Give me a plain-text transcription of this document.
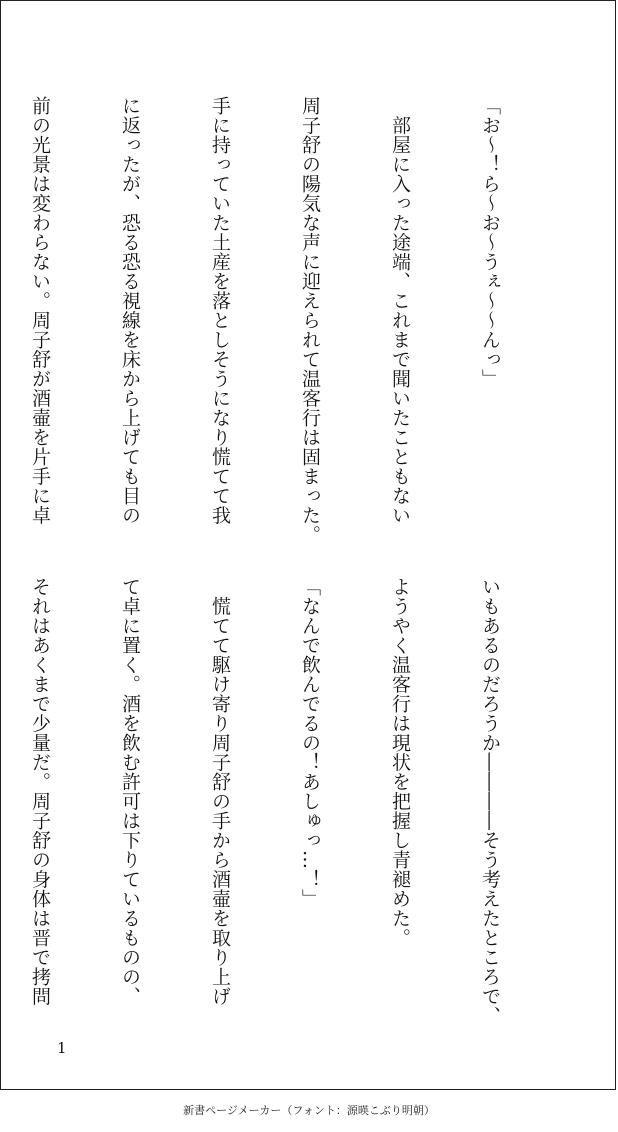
「お〜！ら〜お〜うぇ〜〜んっ」

　部屋に入った途端、これまで聞いたこともない

周子舒の陽気な声に迎えられて温客行は固まった。

手に持っていた土産を落としそうになり慌てて我

に返ったが、恐る恐る視線を床から上げても目の

前の光景は変わらない。周子舒が酒壷を片手に卓

いもあるのだろうか――――そう考えたところで、

ようやく温客行は現状を把握し青褪めた。

「なんで飲んでるの！あしゅっ…！」

　慌てて駆け寄り周子舒の手から酒壷を取り上げ

て卓に置く。酒を飲む許可は下りているものの、

それはあくまで少量だ。周子舒の身体は晋で拷問

1
新書ページメーカー（フォント：源暎こぶり明朝）
